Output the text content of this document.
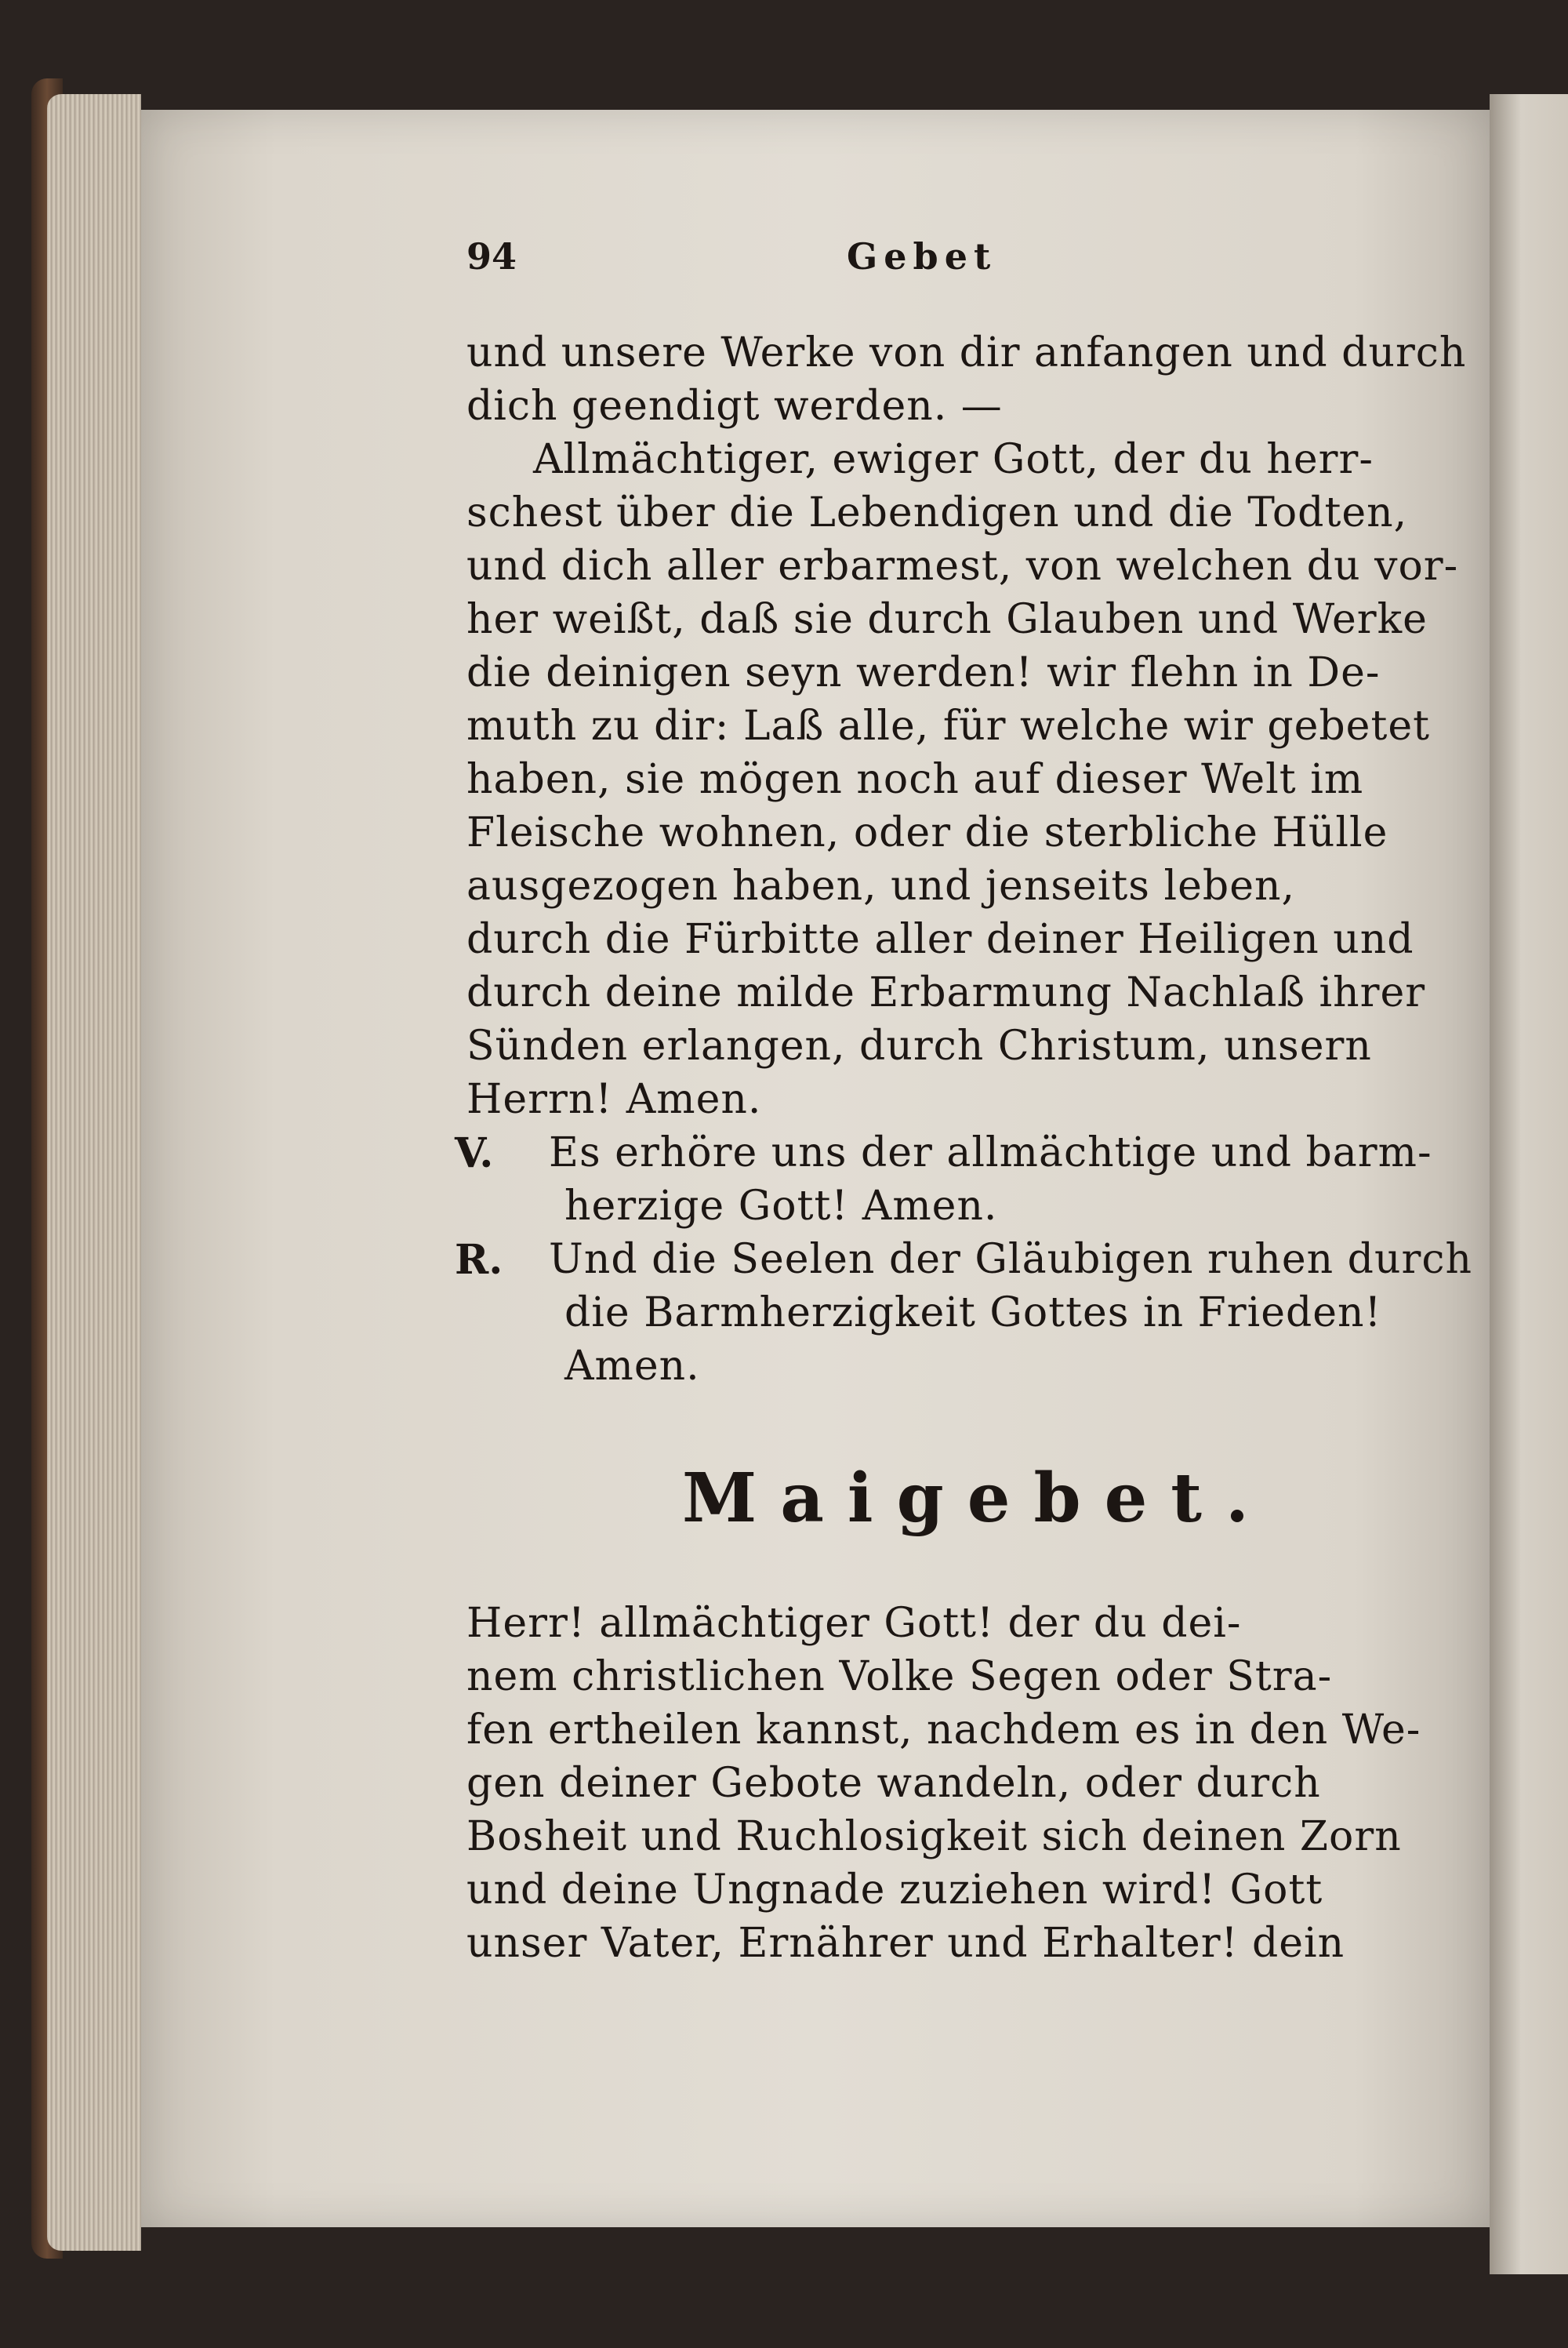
94	Gebet
und unsere Werke von dir anfangen und durch
dich geendigt werden. —
Allmächtiger, ewiger Gott, der du herr-
schest über die Lebendigen und die Todten,
und dich aller erbarmest, von welchen du vor-
her weißt, daß sie durch Glauben und Werke
die deinigen seyn werden! wir flehn in De-
muth zu dir: Laß alle, für welche wir gebetet
haben, sie mögen noch auf dieser Welt im
Fleische wohnen, oder die sterbliche Hülle
ausgezogen haben, und jenseits leben,
durch die Fürbitte aller deiner Heiligen und
durch deine milde Erbarmung Nachlaß ihrer
Sünden erlangen, durch Christum, unsern
Herrn! Amen.
V. Es erhöre uns der allmächtige und barm-
herzige Gott! Amen.
R. Und die Seelen der Gläubigen ruhen durch
die Barmherzigkeit Gottes in Frieden!
Amen.
Maigebet.
Herr! allmächtiger Gott! der du dei-
nem christlichen Volke Segen oder Stra-
fen ertheilen kannst, nachdem es in den We-
gen deiner Gebote wandeln, oder durch
Bosheit und Ruchlosigkeit sich deinen Zorn
und deine Ungnade zuziehen wird! Gott
unser Vater, Ernährer und Erhalter! dein
